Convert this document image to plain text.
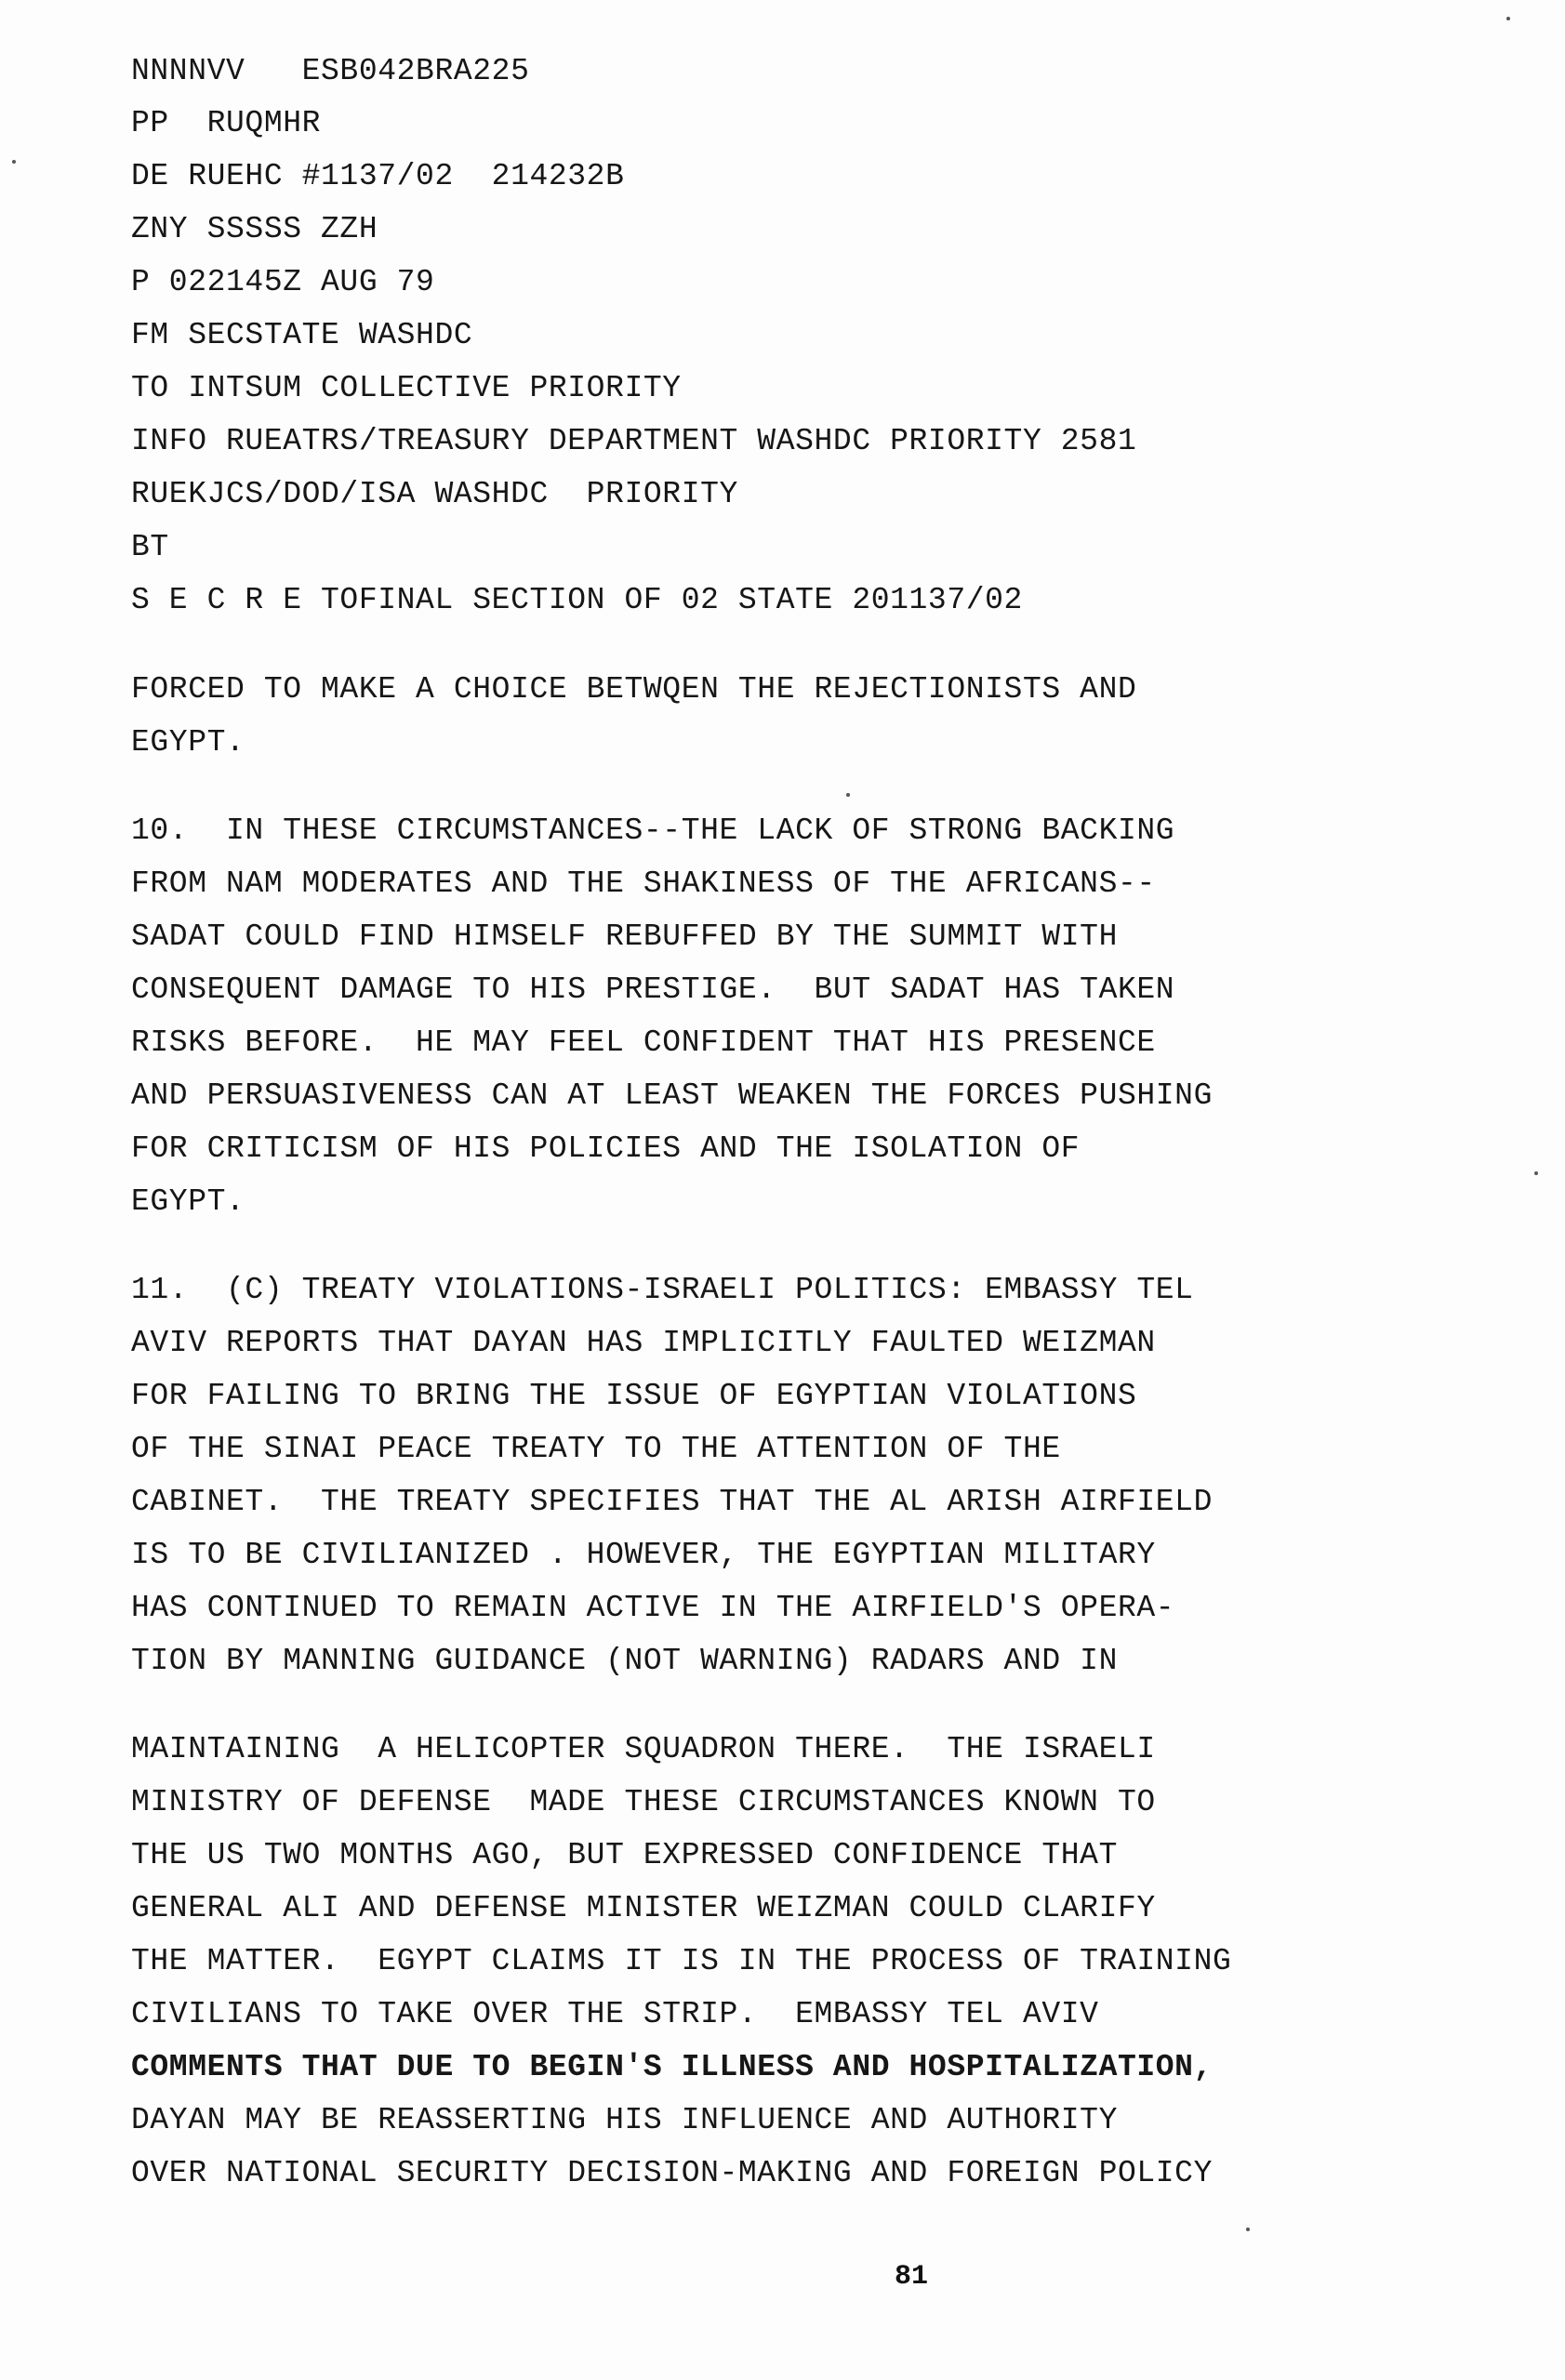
NNNNVV   ESB042BRA225

PP  RUQMHR

DE RUEHC #1137/02  214232B

ZNY SSSSS ZZH

P 022145Z AUG 79

FM SECSTATE WASHDC

TO INTSUM COLLECTIVE PRIORITY

INFO RUEATRS/TREASURY DEPARTMENT WASHDC PRIORITY 2581

RUEKJCS/DOD/ISA WASHDC  PRIORITY

BT

S E C R E TOFINAL SECTION OF 02 STATE 201137/02

FORCED TO MAKE A CHOICE BETWQEN THE REJECTIONISTS AND

EGYPT.

10.  IN THESE CIRCUMSTANCES--THE LACK OF STRONG BACKING

FROM NAM MODERATES AND THE SHAKINESS OF THE AFRICANS--

SADAT COULD FIND HIMSELF REBUFFED BY THE SUMMIT WITH

CONSEQUENT DAMAGE TO HIS PRESTIGE.  BUT SADAT HAS TAKEN

RISKS BEFORE.  HE MAY FEEL CONFIDENT THAT HIS PRESENCE

AND PERSUASIVENESS CAN AT LEAST WEAKEN THE FORCES PUSHING

FOR CRITICISM OF HIS POLICIES AND THE ISOLATION OF

EGYPT.

11.  (C) TREATY VIOLATIONS-ISRAELI POLITICS: EMBASSY TEL

AVIV REPORTS THAT DAYAN HAS IMPLICITLY FAULTED WEIZMAN

FOR FAILING TO BRING THE ISSUE OF EGYPTIAN VIOLATIONS

OF THE SINAI PEACE TREATY TO THE ATTENTION OF THE

CABINET.  THE TREATY SPECIFIES THAT THE AL ARISH AIRFIELD

IS TO BE CIVILIANIZED . HOWEVER, THE EGYPTIAN MILITARY

HAS CONTINUED TO REMAIN ACTIVE IN THE AIRFIELD'S OPERA-

TION BY MANNING GUIDANCE (NOT WARNING) RADARS AND IN

MAINTAINING  A HELICOPTER SQUADRON THERE.  THE ISRAELI

MINISTRY OF DEFENSE  MADE THESE CIRCUMSTANCES KNOWN TO

THE US TWO MONTHS AGO, BUT EXPRESSED CONFIDENCE THAT

GENERAL ALI AND DEFENSE MINISTER WEIZMAN COULD CLARIFY

THE MATTER.  EGYPT CLAIMS IT IS IN THE PROCESS OF TRAINING

CIVILIANS TO TAKE OVER THE STRIP.  EMBASSY TEL AVIV

COMMENTS THAT DUE TO BEGIN'S ILLNESS AND HOSPITALIZATION,

DAYAN MAY BE REASSERTING HIS INFLUENCE AND AUTHORITY

OVER NATIONAL SECURITY DECISION-MAKING AND FOREIGN POLICY

81
